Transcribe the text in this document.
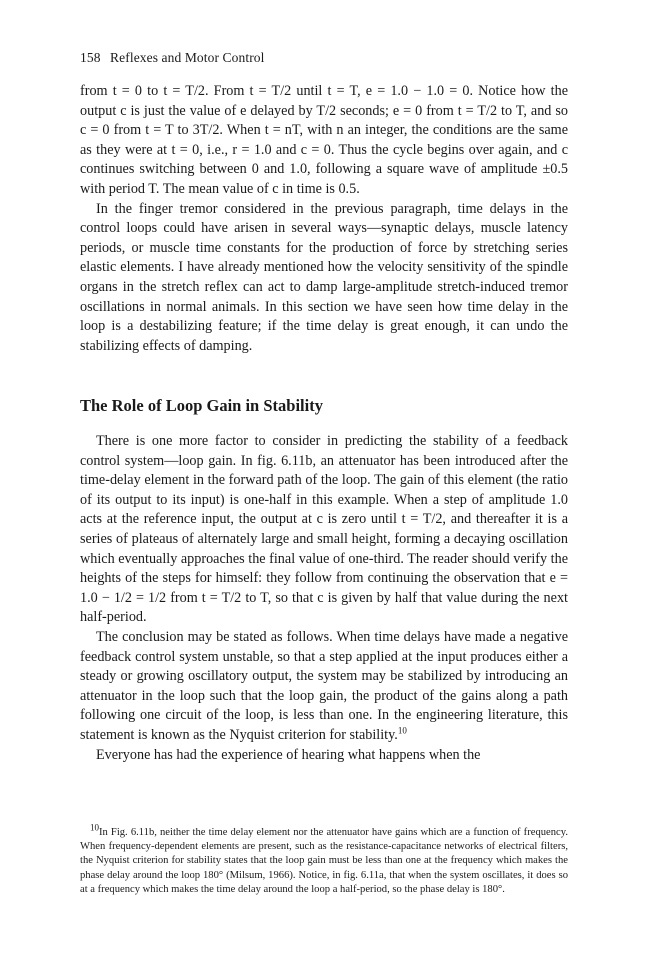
158 Reflexes and Motor Control

from t = 0 to t = T/2. From t = T/2 until t = T, e = 1.0 − 1.0 = 0. Notice how the output c is just the value of e delayed by T/2 seconds; e = 0 from t = T/2 to T, and so c = 0 from t = T to 3T/2. When t = nT, with n an integer, the conditions are the same as they were at t = 0, i.e., r = 1.0 and c = 0. Thus the cycle begins over again, and c continues switching between 0 and 1.0, following a square wave of amplitude ±0.5 with period T. The mean value of c in time is 0.5.

In the finger tremor considered in the previous paragraph, time delays in the control loops could have arisen in several ways—synaptic delays, muscle latency periods, or muscle time constants for the production of force by stretching series elastic elements. I have already mentioned how the velocity sensitivity of the spindle organs in the stretch reflex can act to damp large-amplitude stretch-induced tremor oscillations in normal animals. In this section we have seen how time delay in the loop is a destabilizing feature; if the time delay is great enough, it can undo the stabilizing effects of damping.

The Role of Loop Gain in Stability

There is one more factor to consider in predicting the stability of a feedback control system—loop gain. In fig. 6.11b, an attenuator has been introduced after the time-delay element in the forward path of the loop. The gain of this element (the ratio of its output to its input) is one-half in this example. When a step of amplitude 1.0 acts at the reference input, the output at c is zero until t = T/2, and thereafter it is a series of plateaus of alternately large and small height, forming a decaying oscillation which eventually approaches the final value of one-third. The reader should verify the heights of the steps for himself: they follow from continuing the observation that e = 1.0 − 1/2 = 1/2 from t = T/2 to T, so that c is given by half that value during the next half-period.

The conclusion may be stated as follows. When time delays have made a negative feedback control system unstable, so that a step applied at the input produces either a steady or growing oscillatory output, the system may be stabilized by introducing an attenuator in the loop such that the loop gain, the product of the gains along a path following one circuit of the loop, is less than one. In the engineering literature, this statement is known as the Nyquist criterion for stability.$^{10}$

Everyone has had the experience of hearing what happens when the

$^{10}$In Fig. 6.11b, neither the time delay element nor the attenuator have gains which are a function of frequency. When frequency-dependent elements are present, such as the resistance-capacitance networks of electrical filters, the Nyquist criterion for stability states that the loop gain must be less than one at the frequency which makes the phase delay around the loop 180° (Milsum, 1966). Notice, in fig. 6.11a, that when the system oscillates, it does so at a frequency which makes the time delay around the loop a half-period, so the phase delay is 180°.
